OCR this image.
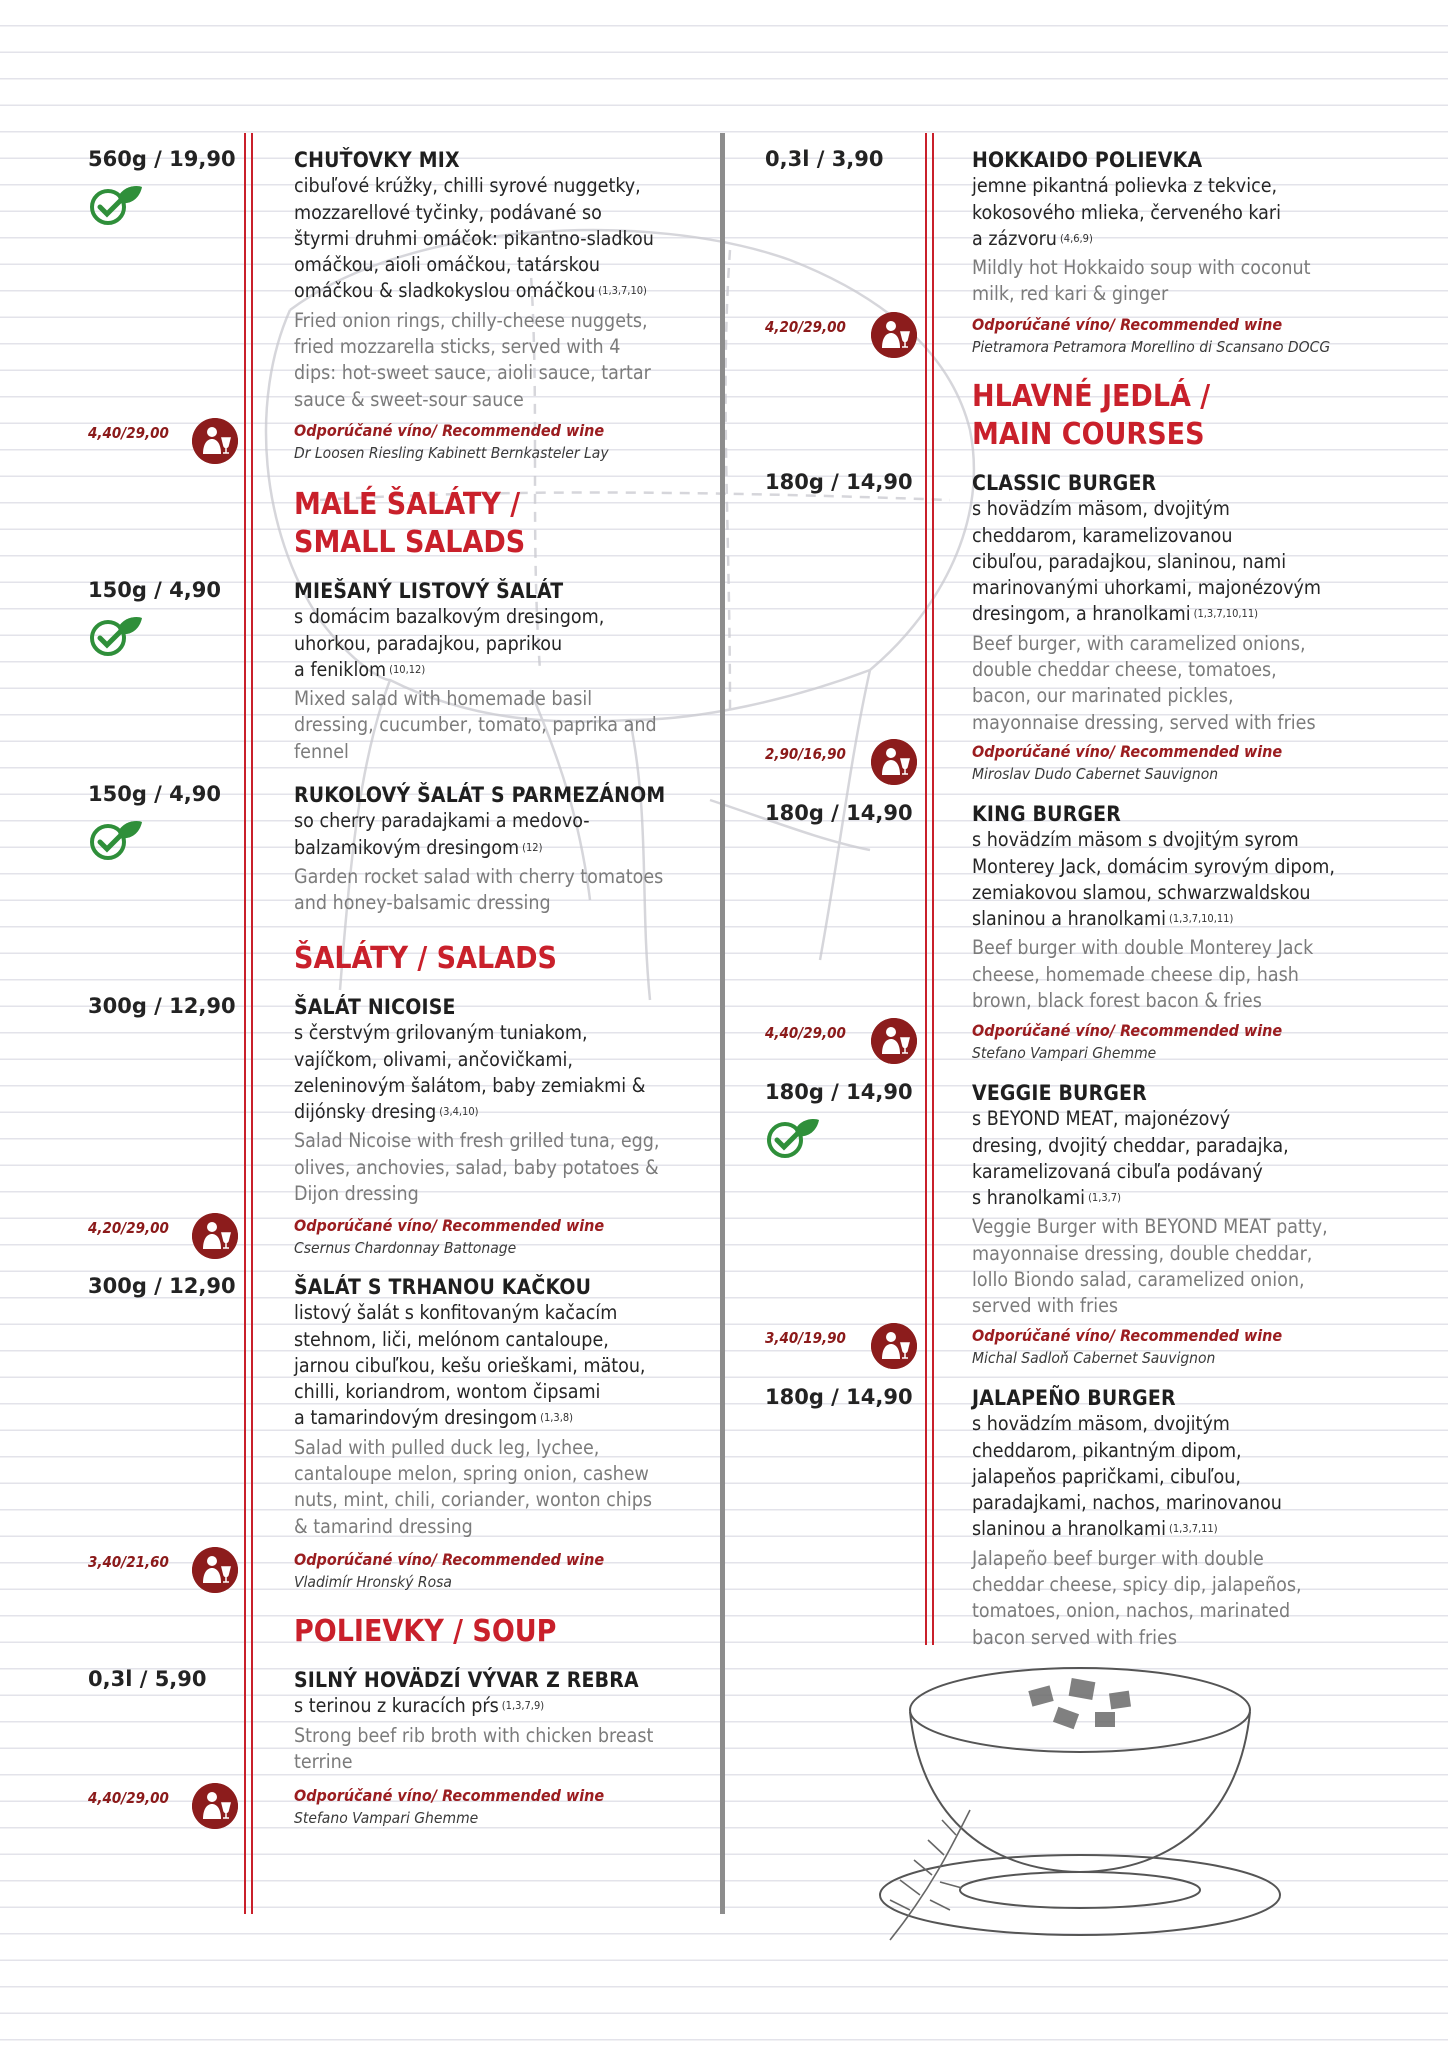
560g / 19,90	CHUŤOVKY MIX
cibuľové krúžky, chilli syrové nuggetky,
mozzarellové tyčinky, podávané so
štyrmi druhmi omáčok: pikantno-sladkou
omáčkou, aioli omáčkou, tatárskou
omáčkou & sladkokyslou omáčkou $^{(1,3,7,10)}$
Fried onion rings, chilly-cheese nuggets,
fried mozzarella sticks, served with 4
dips: hot-sweet sauce, aioli sauce, tartar
sauce & sweet-sour sauce
4,40/29,00	Odporúčané víno/ Recommended wine
Dr Loosen Riesling Kabinett Bernkasteler Lay
MALÉ ŠALÁTY /
SMALL SALADS
150g / 4,90	MIEŠANÝ LISTOVÝ ŠALÁT
s domácim bazalkovým dresingom,
uhorkou, paradajkou, paprikou
a feniklom $^{(10,12)}$
Mixed salad with homemade basil
dressing, cucumber, tomato, paprika and
fennel
150g / 4,90	RUKOLOVÝ ŠALÁT S PARMEZÁNOM
so cherry paradajkami a medovo-
balzamikovým dresingom $^{(12)}$
Garden rocket salad with cherry tomatoes
and honey-balsamic dressing
ŠALÁTY / SALADS
300g / 12,90	ŠALÁT NICOISE
s čerstvým grilovaným tuniakom,
vajíčkom, olivami, ančovičkami,
zeleninovým šalátom, baby zemiakmi &
dijónsky dresing $^{(3,4,10)}$
Salad Nicoise with fresh grilled tuna, egg,
olives, anchovies, salad, baby potatoes &
Dijon dressing
4,20/29,00	Odporúčané víno/ Recommended wine
Csernus Chardonnay Battonage
300g / 12,90	ŠALÁT S TRHANOU KAČKOU
listový šalát s konfitovaným kačacím
stehnom, liči, melónom cantaloupe,
jarnou cibuľkou, kešu orieškami, mätou,
chilli, koriandrom, wontom čipsami
a tamarindovým dresingom $^{(1,3,8)}$
Salad with pulled duck leg, lychee,
cantaloupe melon, spring onion, cashew
nuts, mint, chili, coriander, wonton chips
& tamarind dressing
3,40/21,60	Odporúčané víno/ Recommended wine
Vladimír Hronský Rosa
POLIEVKY / SOUP
0,3l / 5,90	SILNÝ HOVÄDZÍ VÝVAR Z REBRA
s terinou z kuracích pŕs $^{(1,3,7,9)}$
Strong beef rib broth with chicken breast
terrine
4,40/29,00	Odporúčané víno/ Recommended wine
Stefano Vampari Ghemme
0,3l / 3,90	HOKKAIDO POLIEVKA
jemne pikantná polievka z tekvice,
kokosového mlieka, červeného kari
a zázvoru $^{(4,6,9)}$
Mildly hot Hokkaido soup with coconut
milk, red kari & ginger
4,20/29,00	Odporúčané víno/ Recommended wine
Pietramora Petramora Morellino di Scansano DOCG
HLAVNÉ JEDLÁ /
MAIN COURSES
180g / 14,90	CLASSIC BURGER
s hovädzím mäsom, dvojitým
cheddarom, karamelizovanou
cibuľou, paradajkou, slaninou, nami
marinovanými uhorkami, majonézovým
dresingom, a hranolkami $^{(1,3,7,10,11)}$
Beef burger, with caramelized onions,
double cheddar cheese, tomatoes,
bacon, our marinated pickles,
mayonnaise dressing, served with fries
2,90/16,90	Odporúčané víno/ Recommended wine
Miroslav Dudo Cabernet Sauvignon
180g / 14,90	KING BURGER
s hovädzím mäsom s dvojitým syrom
Monterey Jack, domácim syrovým dipom,
zemiakovou slamou, schwarzwaldskou
slaninou a hranolkami $^{(1,3,7,10,11)}$
Beef burger with double Monterey Jack
cheese, homemade cheese dip, hash
brown, black forest bacon & fries
4,40/29,00	Odporúčané víno/ Recommended wine
Stefano Vampari Ghemme
180g / 14,90	VEGGIE BURGER
s BEYOND MEAT, majonézový
dresing, dvojitý cheddar, paradajka,
karamelizovaná cibuľa podávaný
s hranolkami $^{(1,3,7)}$
Veggie Burger with BEYOND MEAT patty,
mayonnaise dressing, double cheddar,
lollo Biondo salad, caramelized onion,
served with fries
3,40/19,90	Odporúčané víno/ Recommended wine
Michal Sadloň Cabernet Sauvignon
180g / 14,90	JALAPEÑO BURGER
s hovädzím mäsom, dvojitým
cheddarom, pikantným dipom,
jalapeňos papričkami, cibuľou,
paradajkami, nachos, marinovanou
slaninou a hranolkami $^{(1,3,7,11)}$
Jalapeño beef burger with double
cheddar cheese, spicy dip, jalapeños,
tomatoes, onion, nachos, marinated
bacon served with fries
